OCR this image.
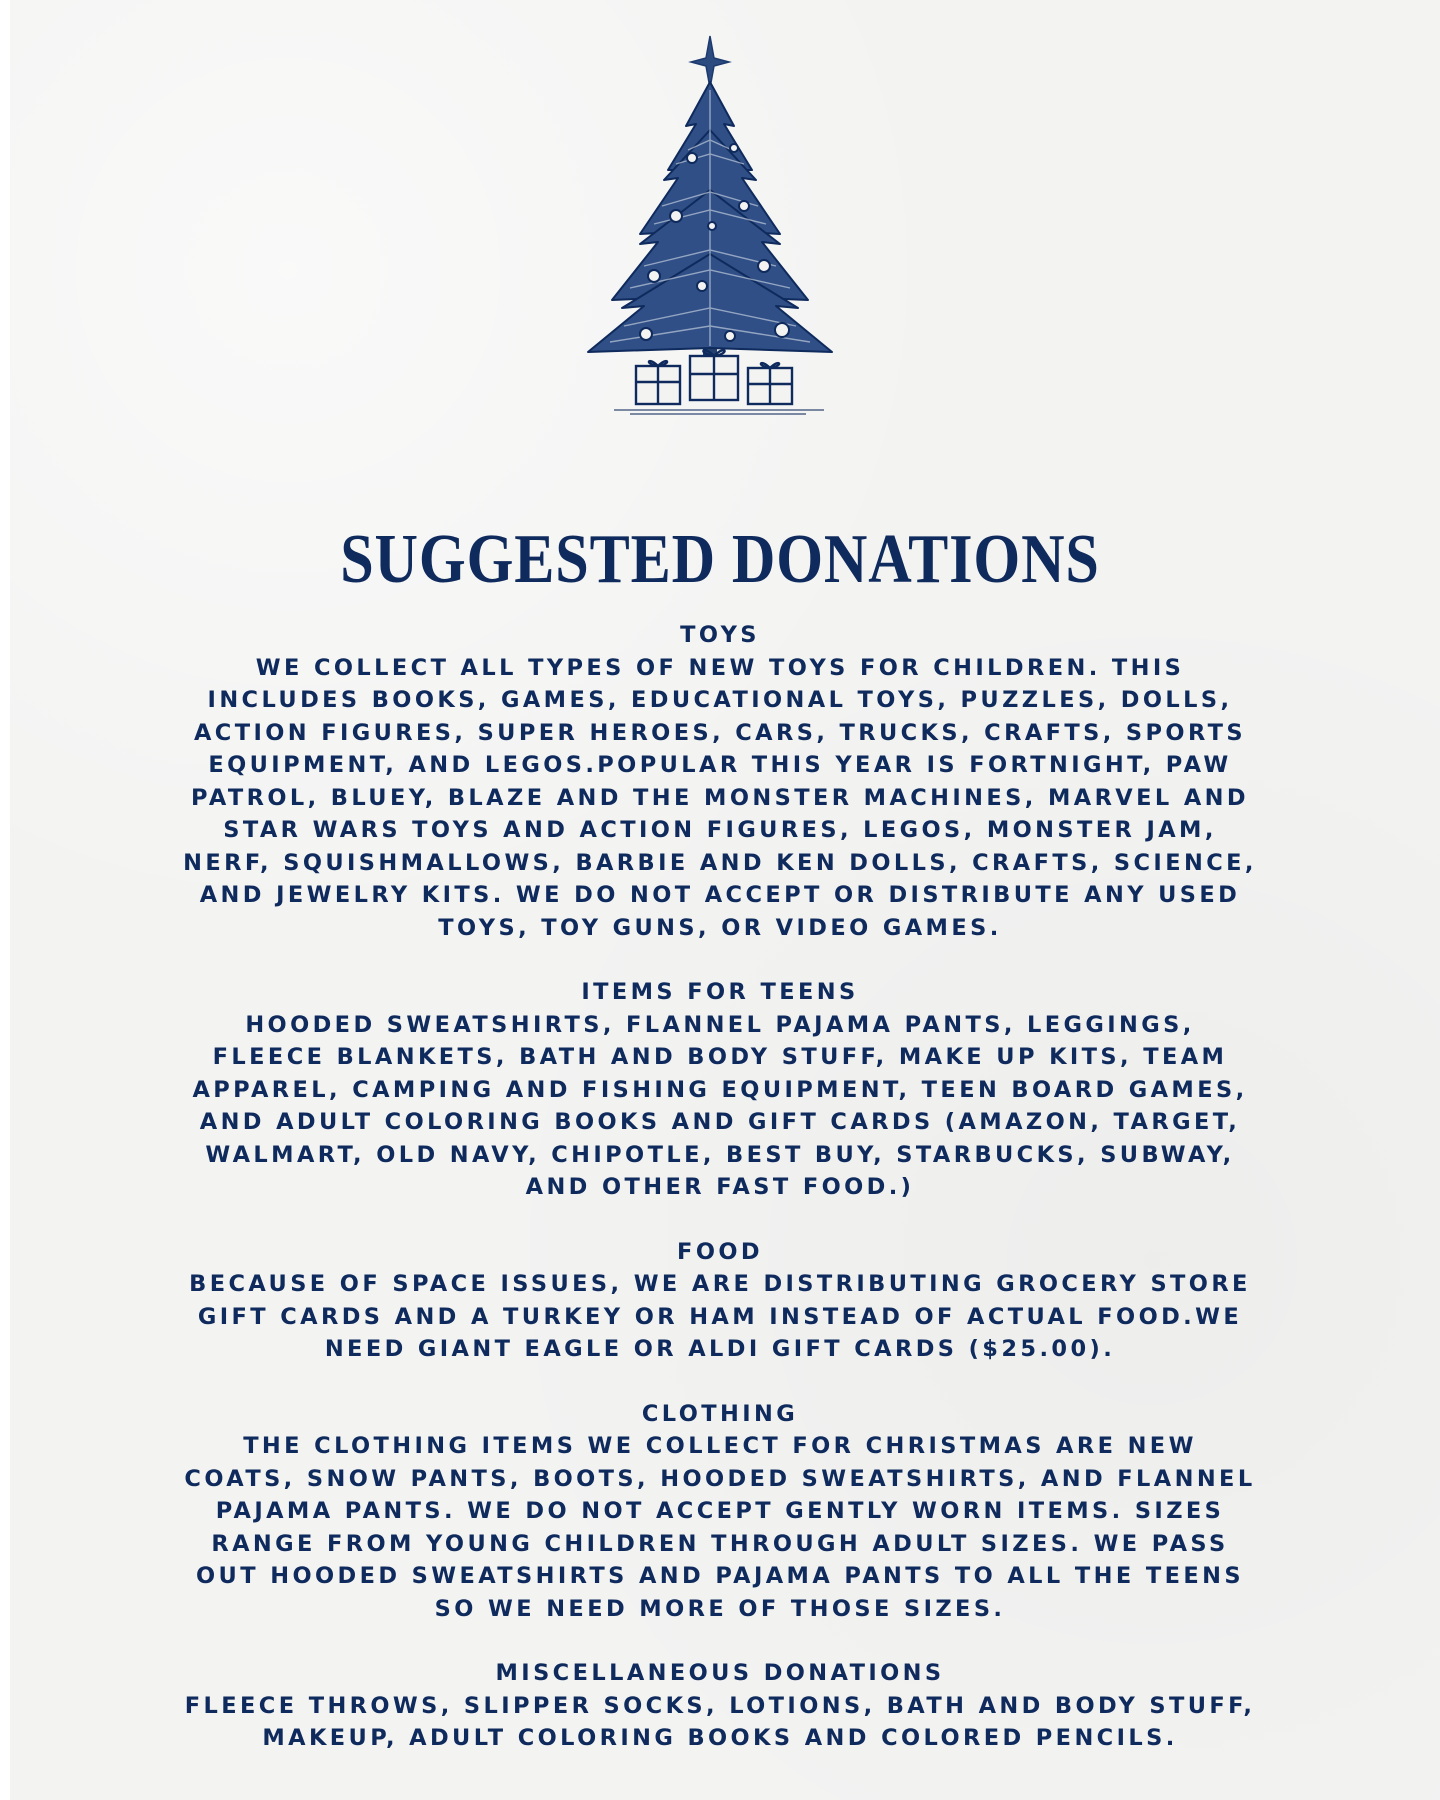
SUGGESTED DONATIONS
TOYS
WE COLLECT ALL TYPES OF NEW TOYS FOR CHILDREN. THIS
INCLUDES BOOKS, GAMES, EDUCATIONAL TOYS, PUZZLES, DOLLS,
ACTION FIGURES, SUPER HEROES, CARS, TRUCKS, CRAFTS, SPORTS
EQUIPMENT, AND LEGOS.POPULAR THIS YEAR IS FORTNIGHT, PAW
PATROL, BLUEY, BLAZE AND THE MONSTER MACHINES, MARVEL AND
STAR WARS TOYS AND ACTION FIGURES, LEGOS, MONSTER JAM,
NERF, SQUISHMALLOWS, BARBIE AND KEN DOLLS, CRAFTS, SCIENCE,
AND JEWELRY KITS. WE DO NOT ACCEPT OR DISTRIBUTE ANY USED
TOYS, TOY GUNS, OR VIDEO GAMES.
ITEMS FOR TEENS
HOODED SWEATSHIRTS, FLANNEL PAJAMA PANTS, LEGGINGS,
FLEECE BLANKETS, BATH AND BODY STUFF, MAKE UP KITS, TEAM
APPAREL, CAMPING AND FISHING EQUIPMENT, TEEN BOARD GAMES,
AND ADULT COLORING BOOKS AND GIFT CARDS (AMAZON, TARGET,
WALMART, OLD NAVY, CHIPOTLE, BEST BUY, STARBUCKS, SUBWAY,
AND OTHER FAST FOOD.)
FOOD
BECAUSE OF SPACE ISSUES, WE ARE DISTRIBUTING GROCERY STORE
GIFT CARDS AND A TURKEY OR HAM INSTEAD OF ACTUAL FOOD.WE
NEED GIANT EAGLE OR ALDI GIFT CARDS ($25.00).
CLOTHING
THE CLOTHING ITEMS WE COLLECT FOR CHRISTMAS ARE NEW
COATS, SNOW PANTS, BOOTS, HOODED SWEATSHIRTS, AND FLANNEL
PAJAMA PANTS. WE DO NOT ACCEPT GENTLY WORN ITEMS. SIZES
RANGE FROM YOUNG CHILDREN THROUGH ADULT SIZES. WE PASS
OUT HOODED SWEATSHIRTS AND PAJAMA PANTS TO ALL THE TEENS
SO WE NEED MORE OF THOSE SIZES.
MISCELLANEOUS DONATIONS
FLEECE THROWS, SLIPPER SOCKS, LOTIONS, BATH AND BODY STUFF,
MAKEUP, ADULT COLORING BOOKS AND COLORED PENCILS.
